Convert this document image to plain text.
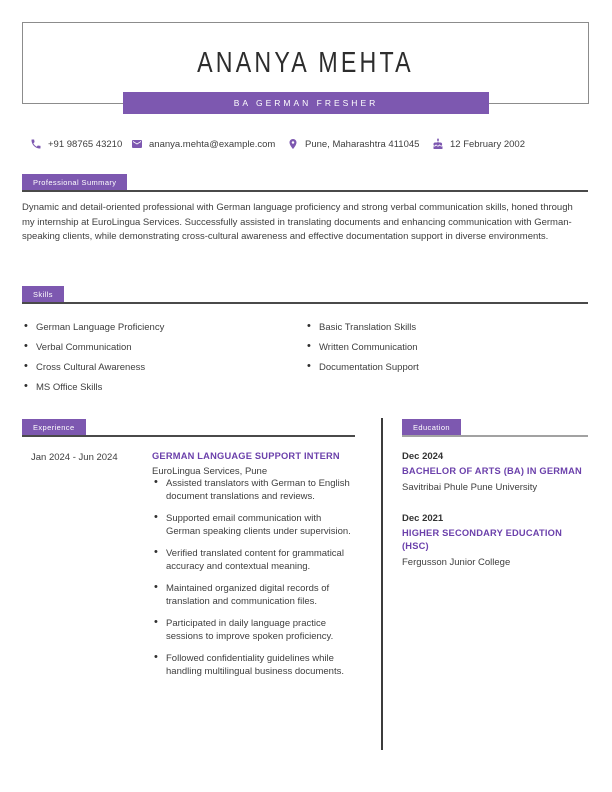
ANANYA MEHTA
BA GERMAN FRESHER
+91 98765 43210	ananya.mehta@example.com	Pune, Maharashtra 411045	12 February 2002
Professional Summary
Dynamic and detail-oriented professional with German language proficiency and strong verbal communication skills, honed through my internship at EuroLingua Services. Successfully assisted in translating documents and enhancing communication with German-speaking clients, while demonstrating cross-cultural awareness and effective documentation support in diverse environments.
Skills
• German Language Proficiency
• Verbal Communication
• Cross Cultural Awareness
• MS Office Skills
• Basic Translation Skills
• Written Communication
• Documentation Support
Experience
Jan 2024 - Jun 2024	GERMAN LANGUAGE SUPPORT INTERN
EuroLingua Services, Pune
• Assisted translators with German to English document translations and reviews.
• Supported email communication with German speaking clients under supervision.
• Verified translated content for grammatical accuracy and contextual meaning.
• Maintained organized digital records of translation and communication files.
• Participated in daily language practice sessions to improve spoken proficiency.
• Followed confidentiality guidelines while handling multilingual business documents.
Education
Dec 2024
BACHELOR OF ARTS (BA) IN GERMAN
Savitribai Phule Pune University
Dec 2021
HIGHER SECONDARY EDUCATION (HSC)
Fergusson Junior College
